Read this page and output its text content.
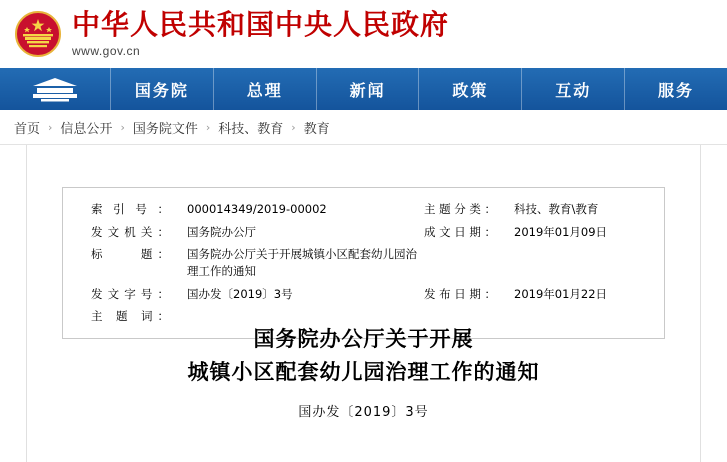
中华人民共和国中央人民政府
www.gov.cn
国务院	总理	新闻	政策	互动	服务
首页 › 信息公开 › 国务院文件 › 科技、教育 › 教育
索引号：	000014349/2019-00002	主题分类：	科技、教育\教育
发文机关：	国务院办公厅	成文日期：	2019年01月09日
标　　题：	国务院办公厅关于开展城镇小区配套幼儿园治理工作的通知		
发文字号：	国办发〔2019〕3号	发布日期：	2019年01月22日
主 题 词：			
国务院办公厅关于开展
城镇小区配套幼儿园治理工作的通知
国办发〔2019〕3号
